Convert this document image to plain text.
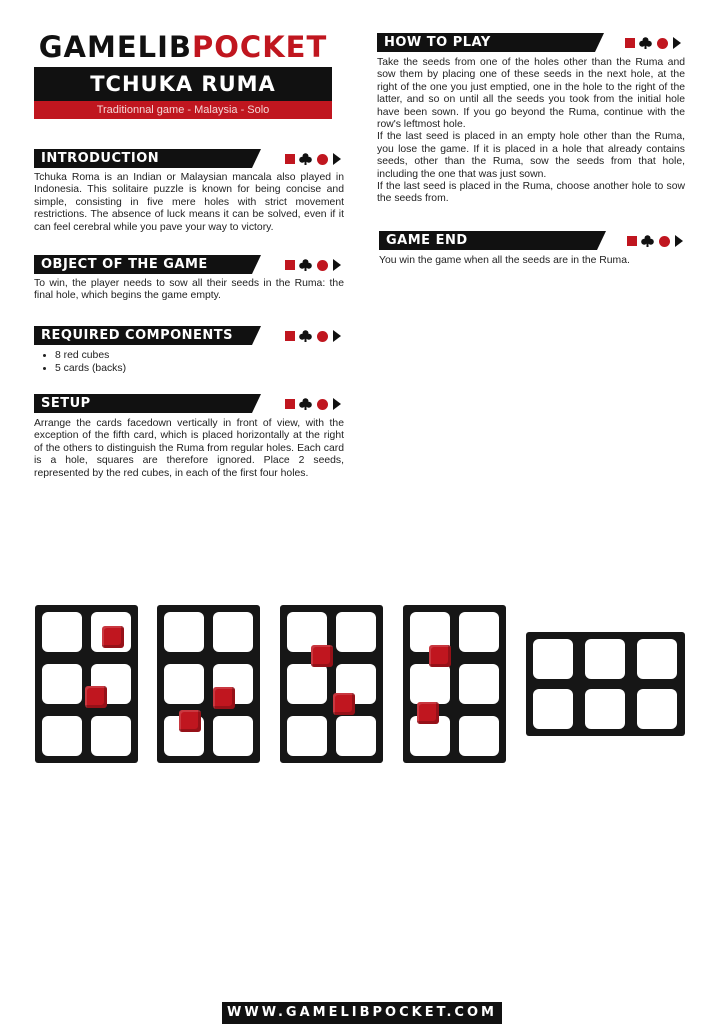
GAMELIBPOCKET
TCHUKA RUMA
Traditionnal game - Malaysia - Solo
INTRODUCTION
Tchuka Roma is an Indian or Malaysian mancala also played in Indonesia. This solitaire puzzle is known for being concise and simple, consisting in five mere holes with strict movement restrictions. The absence of luck means it can be solved, even if it can feel cerebral while you pave your way to victory.
OBJECT OF THE GAME
To win, the player needs to sow all their seeds in the Ruma: the final hole, which begins the game empty.
REQUIRED COMPONENTS
• 8 red cubes
• 5 cards (backs)
SETUP
Arrange the cards facedown vertically in front of view, with the exception of the fifth card, which is placed horizontally at the right of the others to distinguish the Ruma from regular holes. Each card is a hole, squares are therefore ignored. Place 2 seeds, represented by the red cubes, in each of the first four holes.
HOW TO PLAY

Take the seeds from one of the holes other than the Ruma and sow them by placing one of these seeds in the next hole, at the right of the one you just emptied, one in the hole to the right of the latter, and so on until all the seeds you took from the initial hole have been sown. If you go beyond the Ruma, continue with the row's leftmost hole.

If the last seed is placed in an empty hole other than the Ruma, you lose the game. If it is placed in a hole that already contains seeds, other than the Ruma, sow the seeds from that hole, including the one that was just sown.

If the last seed is placed in the Ruma, choose another hole to sow the seeds from.

GAME END
You win the game when all the seeds are in the Ruma.
WWW.GAMELIBPOCKET.COM
